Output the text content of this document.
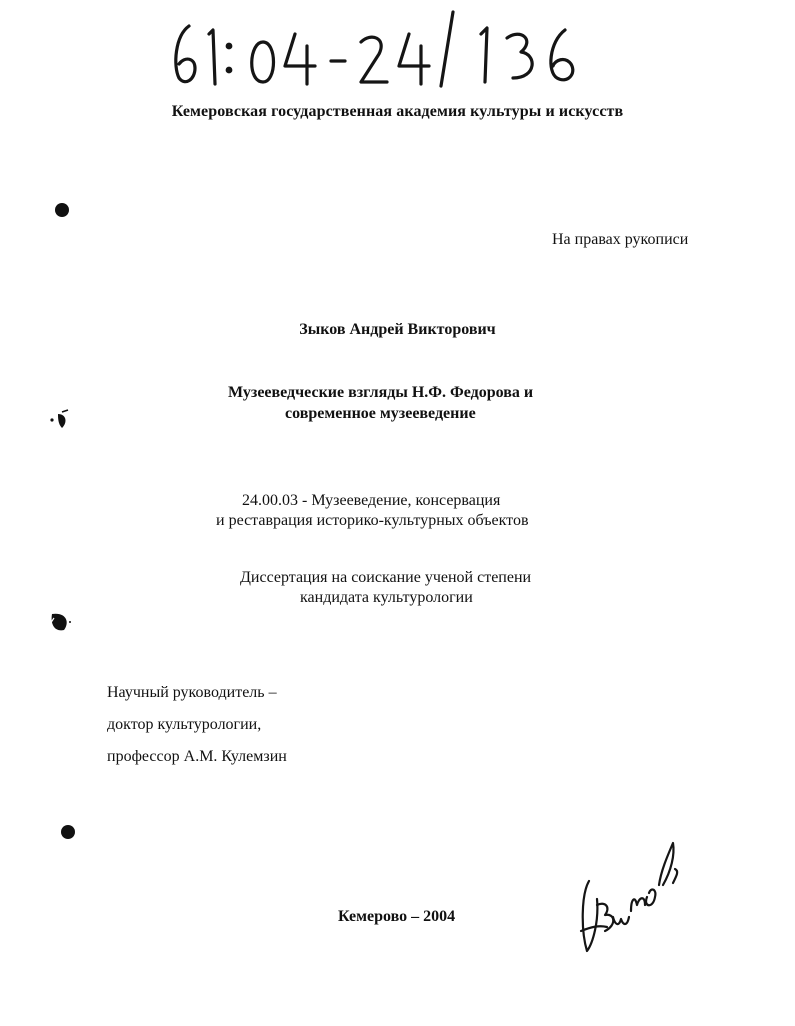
Кемеровская государственная академия культуры и искусств
На правах рукописи
Зыков Андрей Викторович
Музееведческие взгляды Н.Ф. Федорова и
современное музееведение
24.00.03 - Музееведение, консервация
и реставрация историко-культурных объектов
Диссертация на соискание ученой степени
кандидата культурологии
Научный руководитель –
доктор культурологии,
профессор А.М. Кулемзин
Кемерово – 2004
